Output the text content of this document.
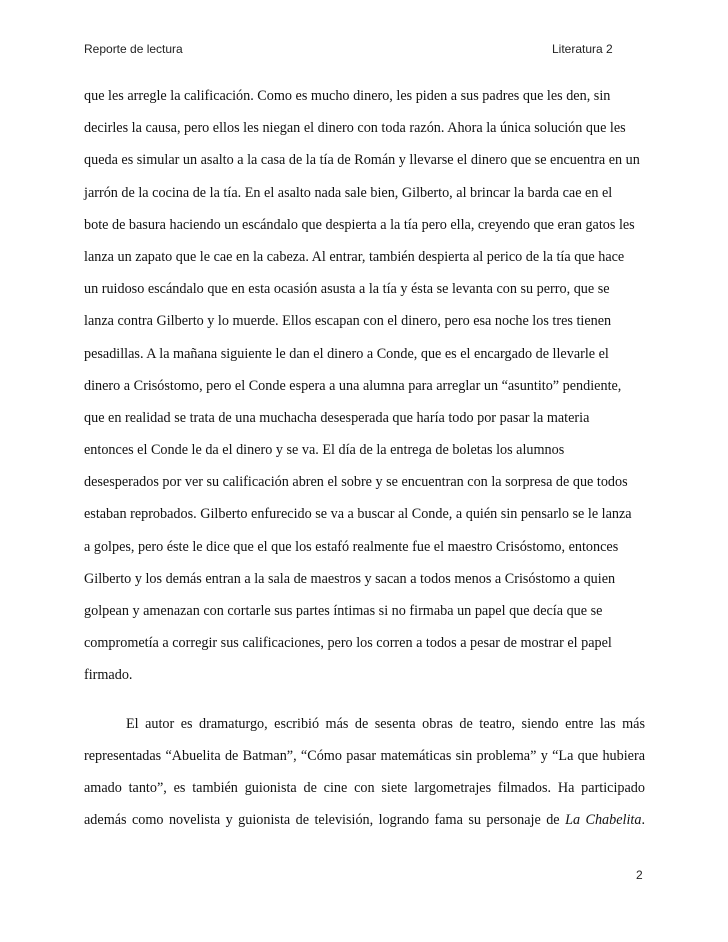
Reporte de lectura	Literatura 2
que les arregle la calificación. Como es mucho dinero, les piden a sus padres que les den, sin
decirles la causa, pero ellos les niegan el dinero con toda razón. Ahora la única solución que les
queda es simular un asalto a la casa de la tía de Román y llevarse el dinero que se encuentra en un
jarrón de la cocina de la tía. En el asalto nada sale bien, Gilberto, al brincar la barda cae en el
bote de basura haciendo un escándalo que despierta a la tía pero ella, creyendo que eran gatos les
lanza un zapato que le cae en la cabeza. Al entrar, también despierta al perico de la tía que hace
un ruidoso escándalo que en esta ocasión asusta a la tía y ésta se levanta con su perro, que se
lanza contra Gilberto y lo muerde. Ellos escapan con el dinero, pero esa noche los tres tienen
pesadillas. A la mañana siguiente le dan el dinero a Conde, que es el encargado de llevarle el
dinero a Crisóstomo, pero el Conde espera a una alumna para arreglar un “asuntito” pendiente,
que en realidad se trata de una muchacha desesperada que haría todo por pasar la materia
entonces el Conde le da el dinero y se va. El día de la entrega de boletas los alumnos
desesperados por ver su calificación abren el sobre y se encuentran con la sorpresa de que todos
estaban reprobados. Gilberto enfurecido se va a buscar al Conde, a quién sin pensarlo se le lanza
a golpes, pero éste le dice que el que los estafó realmente fue el maestro Crisóstomo, entonces
Gilberto y los demás entran a la sala de maestros y sacan a todos menos a Crisóstomo a quien
golpean y amenazan con cortarle sus partes íntimas si no firmaba un papel que decía que se
comprometía a corregir sus calificaciones, pero los corren a todos a pesar de mostrar el papel
firmado.
El autor es dramaturgo, escribió más de sesenta obras de teatro, siendo entre las más
representadas “Abuelita de Batman”, “Cómo pasar matemáticas sin problema” y “La que hubiera
amado tanto”, es también guionista de cine con siete largometrajes filmados. Ha participado
además como novelista y guionista de televisión, logrando fama su personaje de La Chabelita.
2
